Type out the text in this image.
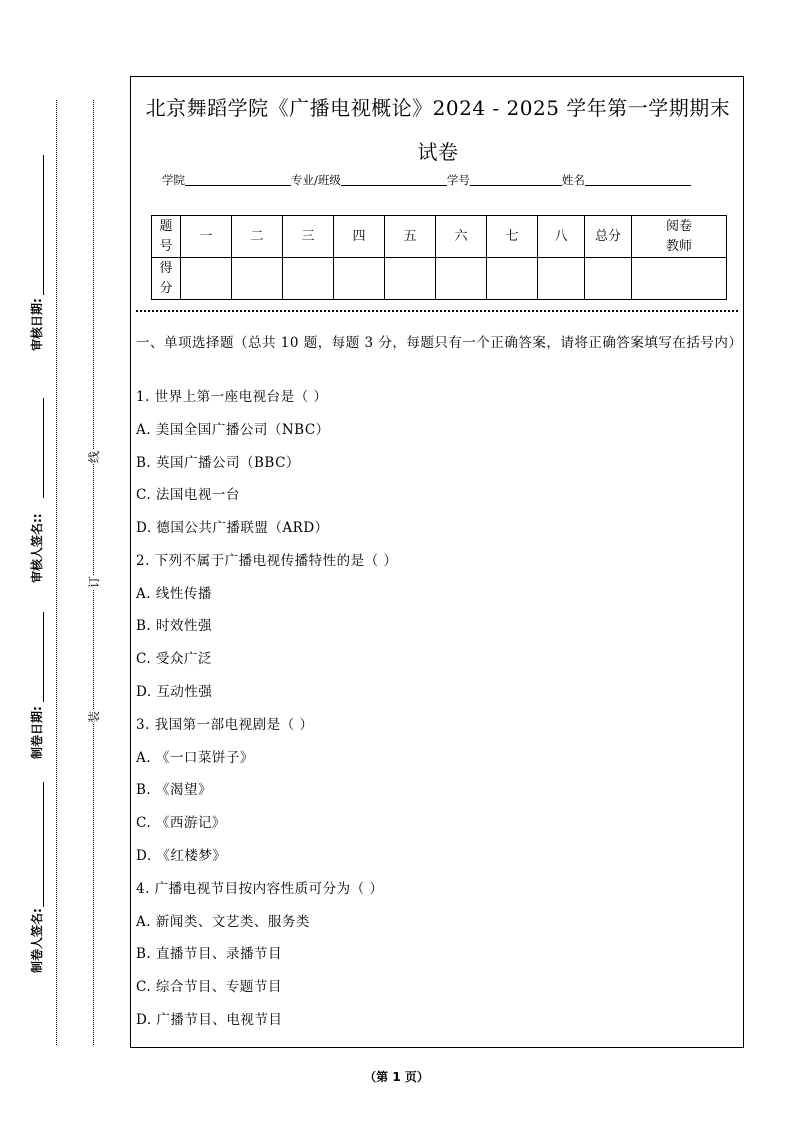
审核日期:
审核人签名::
制卷日期:
制卷人签名:
线
订
装
北京舞蹈学院《广播电视概论》2024 - 2025 学年第一学期期末试卷
学院	专业/班级	学号	姓名
题号	一	二	三	四	五	六	七	八	总分	阅卷教师
得分										
一、单项选择题（总共 10 题，每题 3 分，每题只有一个正确答案，请将正确答案填写在括号内）
1. 世界上第一座电视台是（ ）
A. 美国全国广播公司（NBC）
B. 英国广播公司（BBC）
C. 法国电视一台
D. 德国公共广播联盟（ARD）
2. 下列不属于广播电视传播特性的是（ ）
A. 线性传播
B. 时效性强
C. 受众广泛
D. 互动性强
3. 我国第一部电视剧是（ ）
A. 《一口菜饼子》
B. 《渴望》
C. 《西游记》
D. 《红楼梦》
4. 广播电视节目按内容性质可分为（ ）
A. 新闻类、文艺类、服务类
B. 直播节目、录播节目
C. 综合节目、专题节目
D. 广播节目、电视节目
（第 1 页）
